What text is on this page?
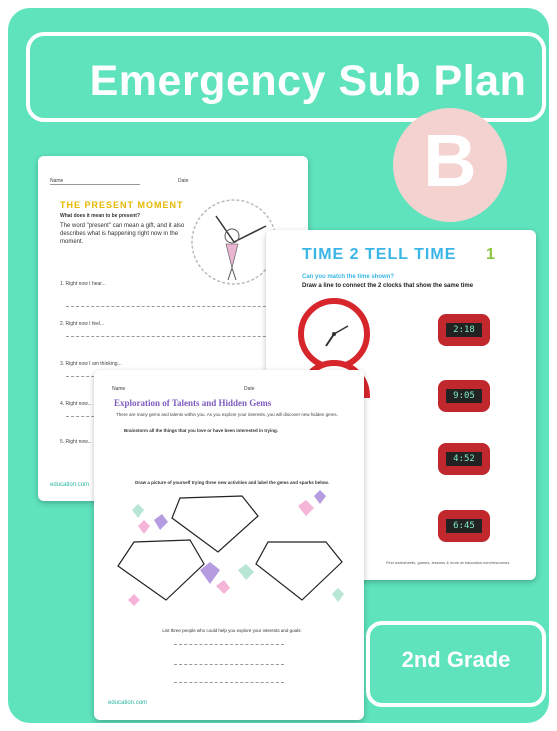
Emergency Sub Plan
Name	Date
THE PRESENT MOMENT
What does it mean to be present?
The word "present" can mean a gift, and it also describes what is happening right now in the moment.
1. Right now I hear...
2. Right now I feel...
3. Right now I am thinking...
4. Right now...
5. Right now...
education.com
TIME 2 TELL TIME 1
Can you match the time shown?
Draw a line to connect the 2 clocks that show the same time
2:18
9:05
4:52
6:45
Find worksheets, games, lessons & more at education.com/resources
Name	Date
Exploration of Talents and Hidden Gems
There are many gems and talents within you. As you explore your interests, you will discover new hidden gems.
Brainstorm all the things that you love or have been interested in trying.
Draw a picture of yourself trying three new activities and label the gems and sparks below.
List three people who could help you explore your interests and goals:
education.com
B
2nd Grade
